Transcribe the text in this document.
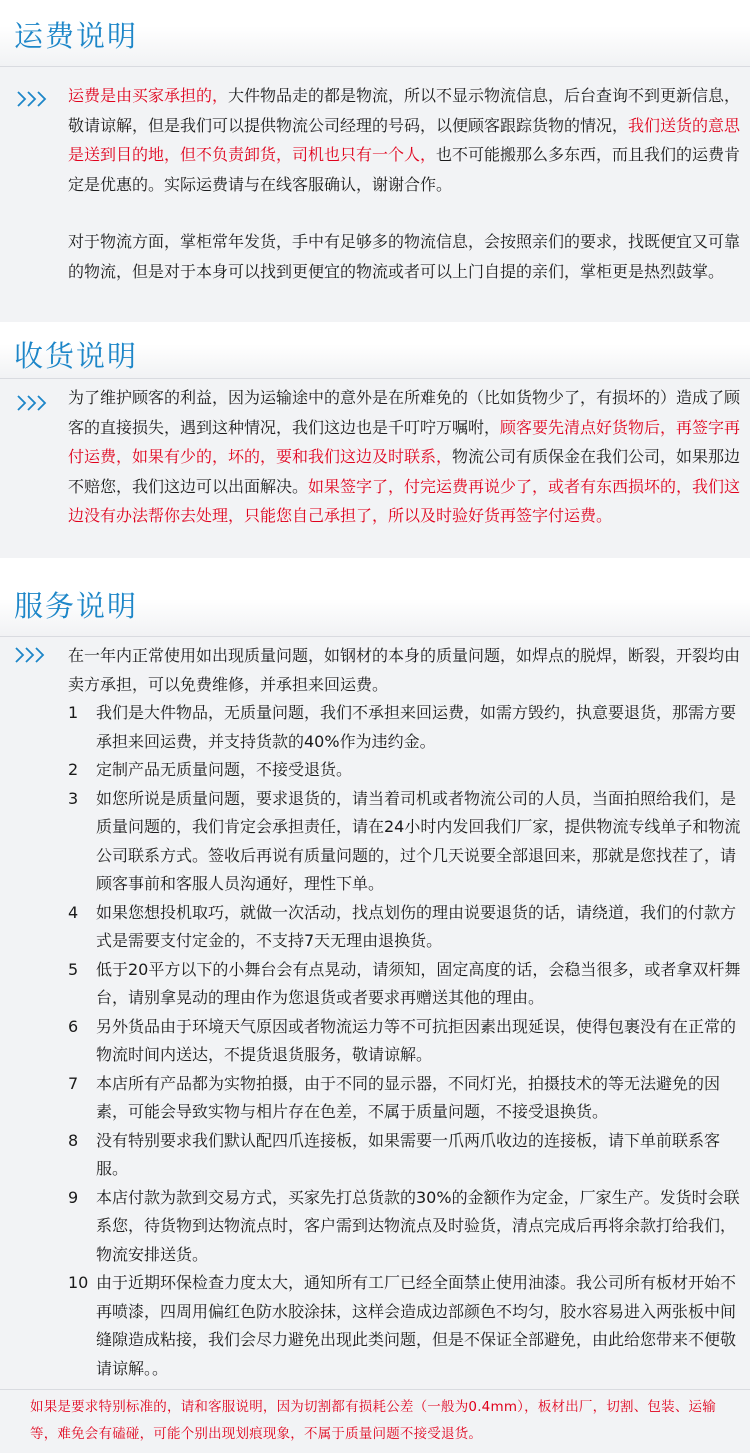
运费说明
运费是由买家承担的，大件物品走的都是物流，所以不显示物流信息，后台查询不到更新信息，敬请谅解，但是我们可以提供物流公司经理的号码，以便顾客跟踪货物的情况，我们送货的意思是送到目的地，但不负责卸货，司机也只有一个人，也不可能搬那么多东西，而且我们的运费肯定是优惠的。实际运费请与在线客服确认，谢谢合作。
对于物流方面，掌柜常年发货，手中有足够多的物流信息，会按照亲们的要求，找既便宜又可靠的物流，但是对于本身可以找到更便宜的物流或者可以上门自提的亲们，掌柜更是热烈鼓掌。
收货说明
为了维护顾客的利益，因为运输途中的意外是在所难免的（比如货物少了，有损坏的）造成了顾客的直接损失，遇到这种情况，我们这边也是千叮咛万嘱咐，顾客要先清点好货物后，再签字再付运费，如果有少的，坏的，要和我们这边及时联系，物流公司有质保金在我们公司，如果那边不赔您，我们这边可以出面解决。如果签字了，付完运费再说少了，或者有东西损坏的，我们这边没有办法帮你去处理，只能您自己承担了，所以及时验好货再签字付运费。
服务说明
在一年内正常使用如出现质量问题，如钢材的本身的质量问题，如焊点的脱焊，断裂，开裂均由卖方承担，可以免费维修，并承担来回运费。
1 我们是大件物品，无质量问题，我们不承担来回运费，如需方毁约，执意要退货，那需方要承担来回运费，并支持货款的40%作为违约金。
2 定制产品无质量问题，不接受退货。
3 如您所说是质量问题，要求退货的，请当着司机或者物流公司的人员，当面拍照给我们，是质量问题的，我们肯定会承担责任，请在24小时内发回我们厂家，提供物流专线单子和物流公司联系方式。签收后再说有质量问题的，过个几天说要全部退回来，那就是您找茬了，请顾客事前和客服人员沟通好，理性下单。
4 如果您想投机取巧，就做一次活动，找点划伤的理由说要退货的话，请绕道，我们的付款方式是需要支付定金的，不支持7天无理由退换货。
5 低于20平方以下的小舞台会有点晃动，请须知，固定高度的话，会稳当很多，或者拿双杆舞台，请别拿晃动的理由作为您退货或者要求再赠送其他的理由。
6 另外货品由于环境天气原因或者物流运力等不可抗拒因素出现延误，使得包裹没有在正常的物流时间内送达，不提货退货服务，敬请谅解。
7 本店所有产品都为实物拍摄，由于不同的显示器，不同灯光，拍摄技术的等无法避免的因素，可能会导致实物与相片存在色差，不属于质量问题，不接受退换货。
8 没有特别要求我们默认配四爪连接板，如果需要一爪两爪收边的连接板，请下单前联系客服。
9 本店付款为款到交易方式，买家先打总货款的30%的金额作为定金，厂家生产。发货时会联系您，待货物到达物流点时，客户需到达物流点及时验货，清点完成后再将余款打给我们，物流安排送货。
10 由于近期环保检查力度太大，通知所有工厂已经全面禁止使用油漆。我公司所有板材开始不再喷漆，四周用偏红色防水胶涂抹，这样会造成边部颜色不均匀，胶水容易进入两张板中间缝隙造成粘接，我们会尽力避免出现此类问题，但是不保证全部避免，由此给您带来不便敬请谅解。。
如果是要求特别标准的，请和客服说明，因为切割都有损耗公差（一般为0.4mm），板材出厂，切割、包装、运输等，难免会有磕碰，可能个别出现划痕现象，不属于质量问题不接受退货。
